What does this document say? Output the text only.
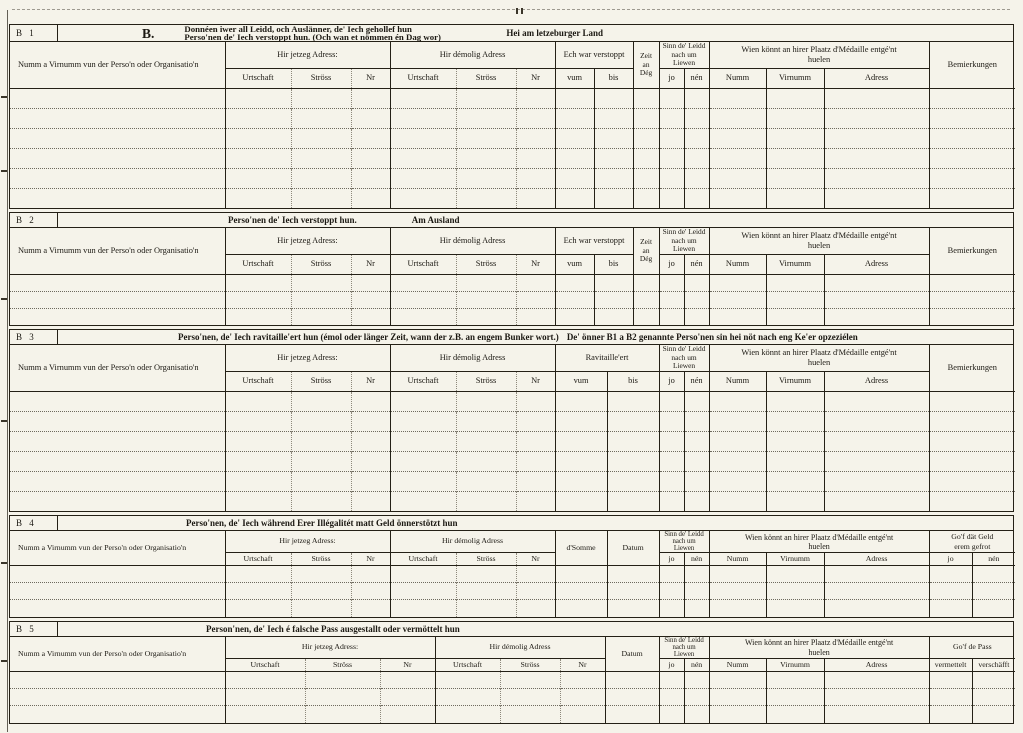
B 1	B.	Donnéen iwer all Leidd, och Auslänner, de' Iech gehollef hun
Perso'nen de' Iech verstoppt hun. (Och wan et nömmen én Dag wor)	Hei am letzeburger Land
Numm a Virnumm vun der Perso'n oder Organisatio'n	Hir jetzeg Adress:			Hir démolig Adress			Ech war verstoppt		Zeit an Dég	Sinn de' Leidd nach um Liewen		Wien könnt an hirer Plaatz d'Médaille entgé'nt huelen			Bemierkungen
	Urtschaft	Ströss	Nr	Urtschaft	Ströss	Nr	vum	bis		jo	nén	Numm	Virnumm	Adress	

B 2	Perso'nen de' Iech verstoppt hun.	Am Ausland
Numm a Virnumm vun der Perso'n oder Organisatio'n	Hir jetzeg Adress:			Hir démolig Adress			Ech war verstoppt		Zeit an Dég	Sinn de' Leidd nach um Liewen		Wien könnt an hirer Plaatz d'Médaille entgé'nt huelen			Bemierkungen
	Urtschaft	Ströss	Nr	Urtschaft	Ströss	Nr	vum	bis		jo	nén	Numm	Virnumm	Adress	

B 3	Perso'nen, de' Iech ravitaille'ert hun (émol oder länger Zeit, wann der z.B. an engem Bunker wort.) De' önner B1 a B2 genannte Perso'nen sin hei nöt nach eng Ke'er opzeziélen
Numm a Virnumm vun der Perso'n oder Organisatio'n	Hir jetzeg Adress:			Hir démolig Adress			Ravitaille'ert		Sinn de' Leidd nach um Liewen		Wien könnt an hirer Plaatz d'Médaille entgé'nt huelen			Bemierkungen
	Urtschaft	Ströss	Nr	Urtschaft	Ströss	Nr	vum	bis	jo	nén	Numm	Virnumm	Adress	

B 4	Perso'nen, de' Iech während Erer Illégalitét matt Geld önnerstötzt hun
Numm a Virnumm vun der Perso'n oder Organisatio'n	Hir jetzeg Adress:			Hir démolig Adress			d'Somme	Datum	Sinn de' Leidd nach um Liewen		Wien könnt an hirer Plaatz d'Médaille entgé'nt huelen			Go'f dät Geld erem gefrot	
	Urtschaft	Ströss	Nr	Urtschaft	Ströss	Nr			jo	nén	Numm	Virnumm	Adress	jo	nén

B 5	Person'nen, de' Iech é falsche Pass ausgestallt oder vermöttelt hun
Numm a Virnumm vun der Perso'n oder Organisatio'n	Hir jetzeg Adress:			Hir démolig Adress			Datum	Sinn de' Leidd nach um Liewen		Wien könnt an hirer Plaatz d'Médaille entgé'nt huelen			Go'f de Pass	
	Urtschaft	Ströss	Nr	Urtschaft	Ströss	Nr		jo	nén	Numm	Virnumm	Adress	vermettelt	verschäfft
